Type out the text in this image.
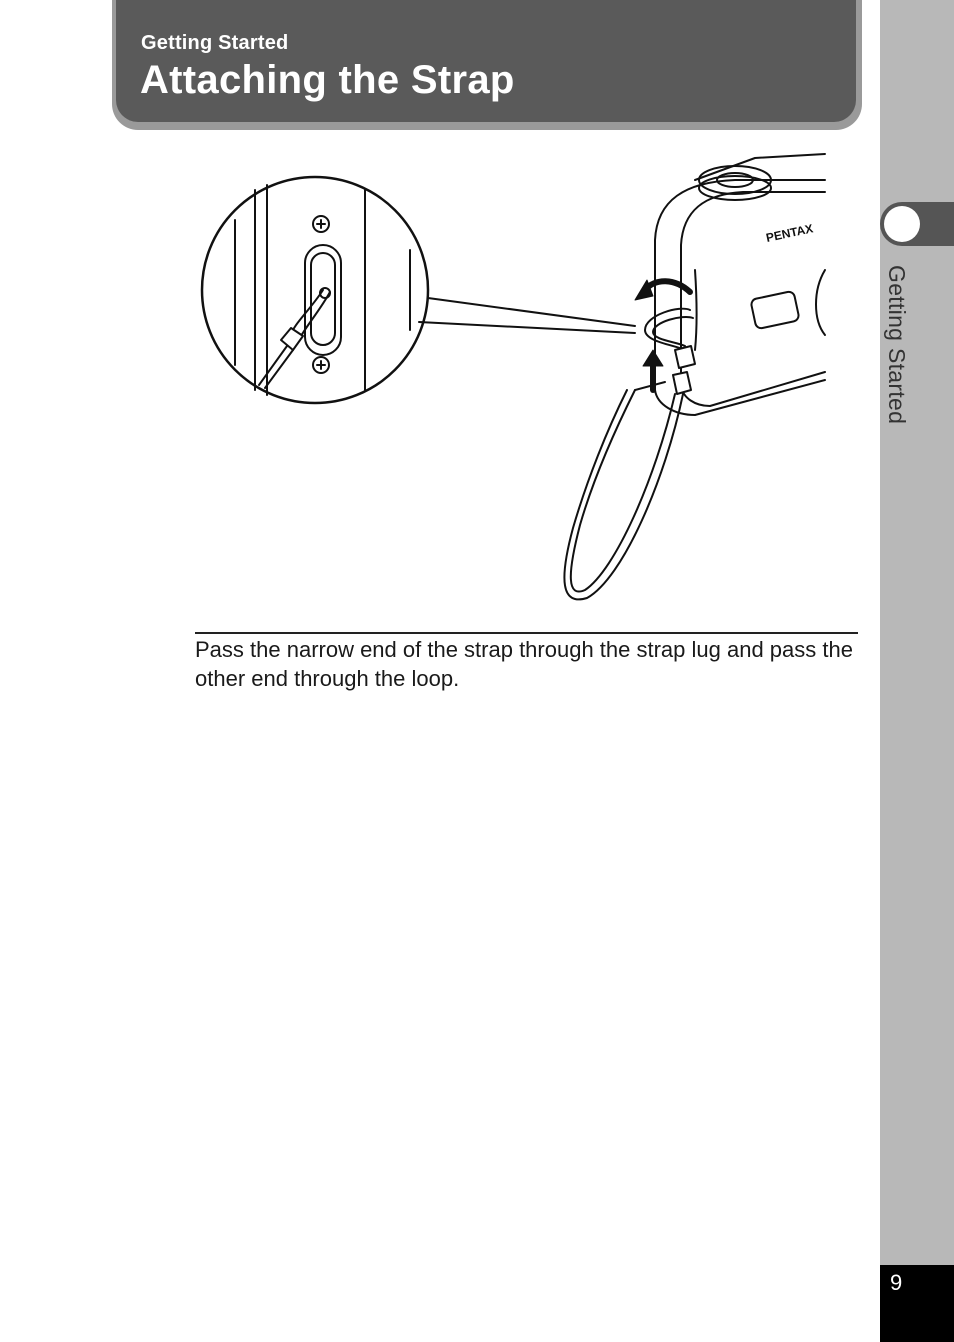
Getting Started
Attaching the Strap
Getting Started
PENTAX
Pass the narrow end of the strap through the strap lug and pass the other end through the loop.
9
